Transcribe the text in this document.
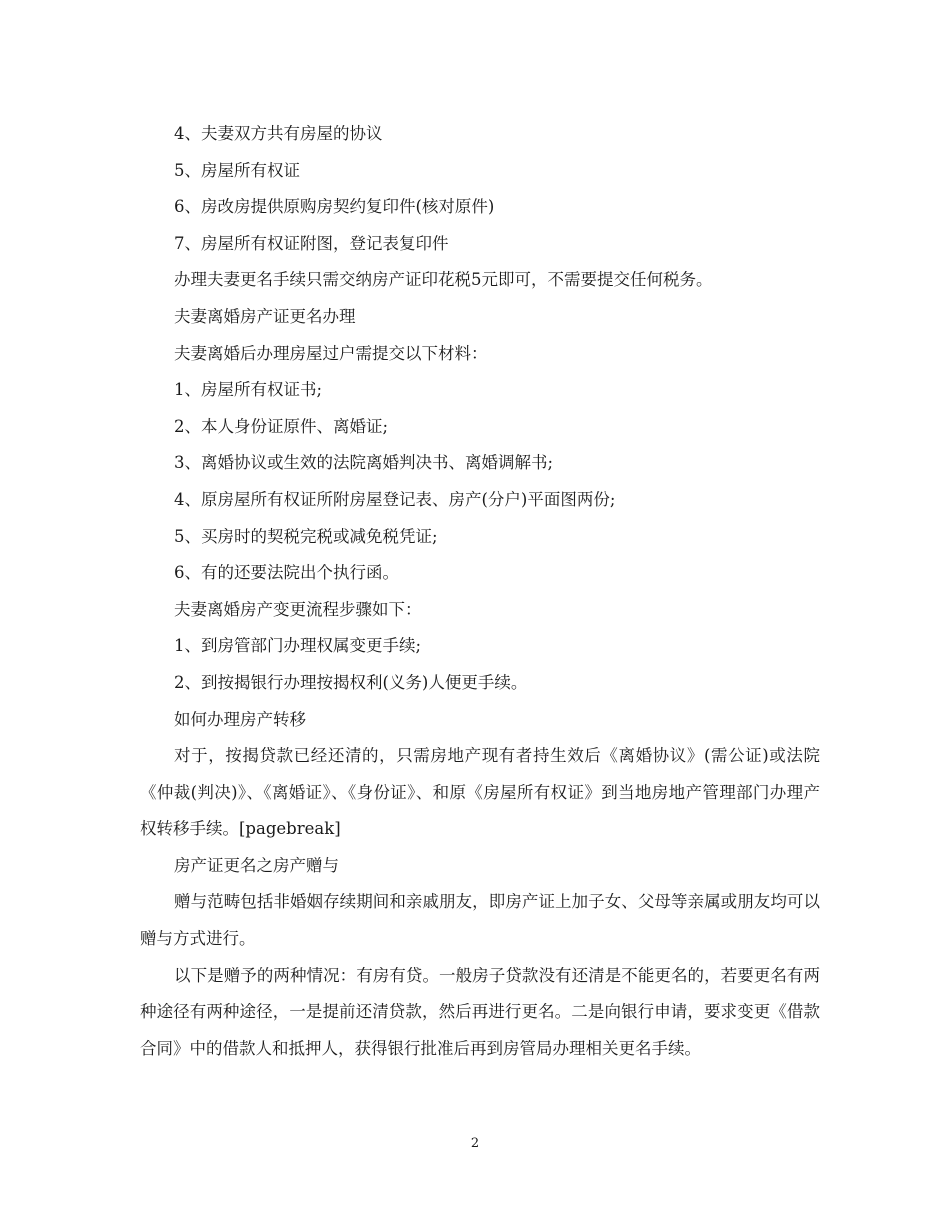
4、夫妻双方共有房屋的协议
5、房屋所有权证
6、房改房提供原购房契约复印件(核对原件)
7、房屋所有权证附图，登记表复印件
办理夫妻更名手续只需交纳房产证印花税5元即可，不需要提交任何税务。
夫妻离婚房产证更名办理
夫妻离婚后办理房屋过户需提交以下材料：
1、房屋所有权证书;
2、本人身份证原件、离婚证;
3、离婚协议或生效的法院离婚判决书、离婚调解书;
4、原房屋所有权证所附房屋登记表、房产(分户)平面图两份;
5、买房时的契税完税或减免税凭证;
6、有的还要法院出个执行函。
夫妻离婚房产变更流程步骤如下：
1、到房管部门办理权属变更手续;
2、到按揭银行办理按揭权利(义务)人便更手续。
如何办理房产转移
对于，按揭贷款已经还清的，只需房地产现有者持生效后《离婚协议》(需公证)或法院《仲裁(判决)》、《离婚证》、《身份证》、和原《房屋所有权证》到当地房地产管理部门办理产权转移手续。[pagebreak]
房产证更名之房产赠与
赠与范畴包括非婚姻存续期间和亲戚朋友，即房产证上加子女、父母等亲属或朋友均可以赠与方式进行。
以下是赠予的两种情况：有房有贷。一般房子贷款没有还清是不能更名的，若要更名有两种途径有两种途径，一是提前还清贷款，然后再进行更名。二是向银行申请，要求变更《借款合同》中的借款人和抵押人，获得银行批准后再到房管局办理相关更名手续。
2
